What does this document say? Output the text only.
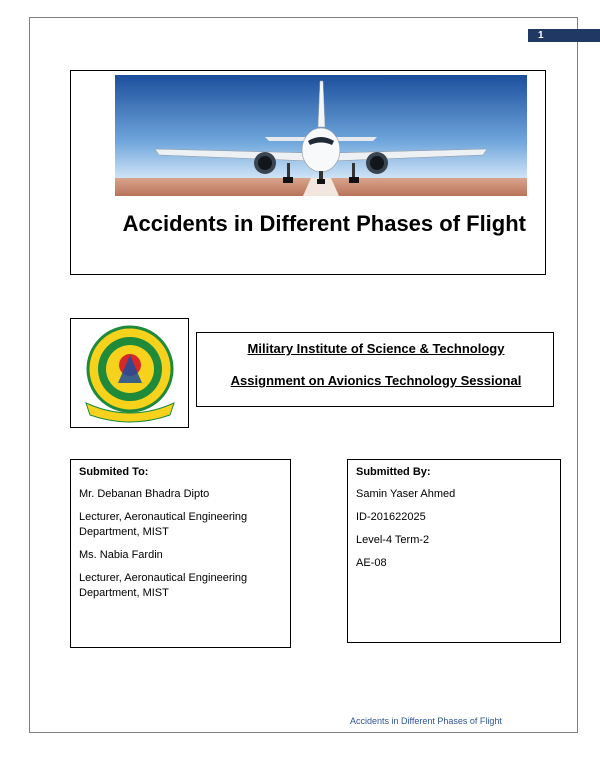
1
Accidents in Different Phases of Flight
Military Institute of Science & Technology
Assignment on Avionics Technology Sessional
Submited To:
Mr. Debanan Bhadra Dipto
Lecturer, Aeronautical Engineering Department, MIST
Ms. Nabia Fardin
Lecturer, Aeronautical Engineering Department, MIST
Submitted By:
Samin Yaser Ahmed
ID-201622025
Level-4 Term-2
AE-08
Accidents in Different Phases of Flight
